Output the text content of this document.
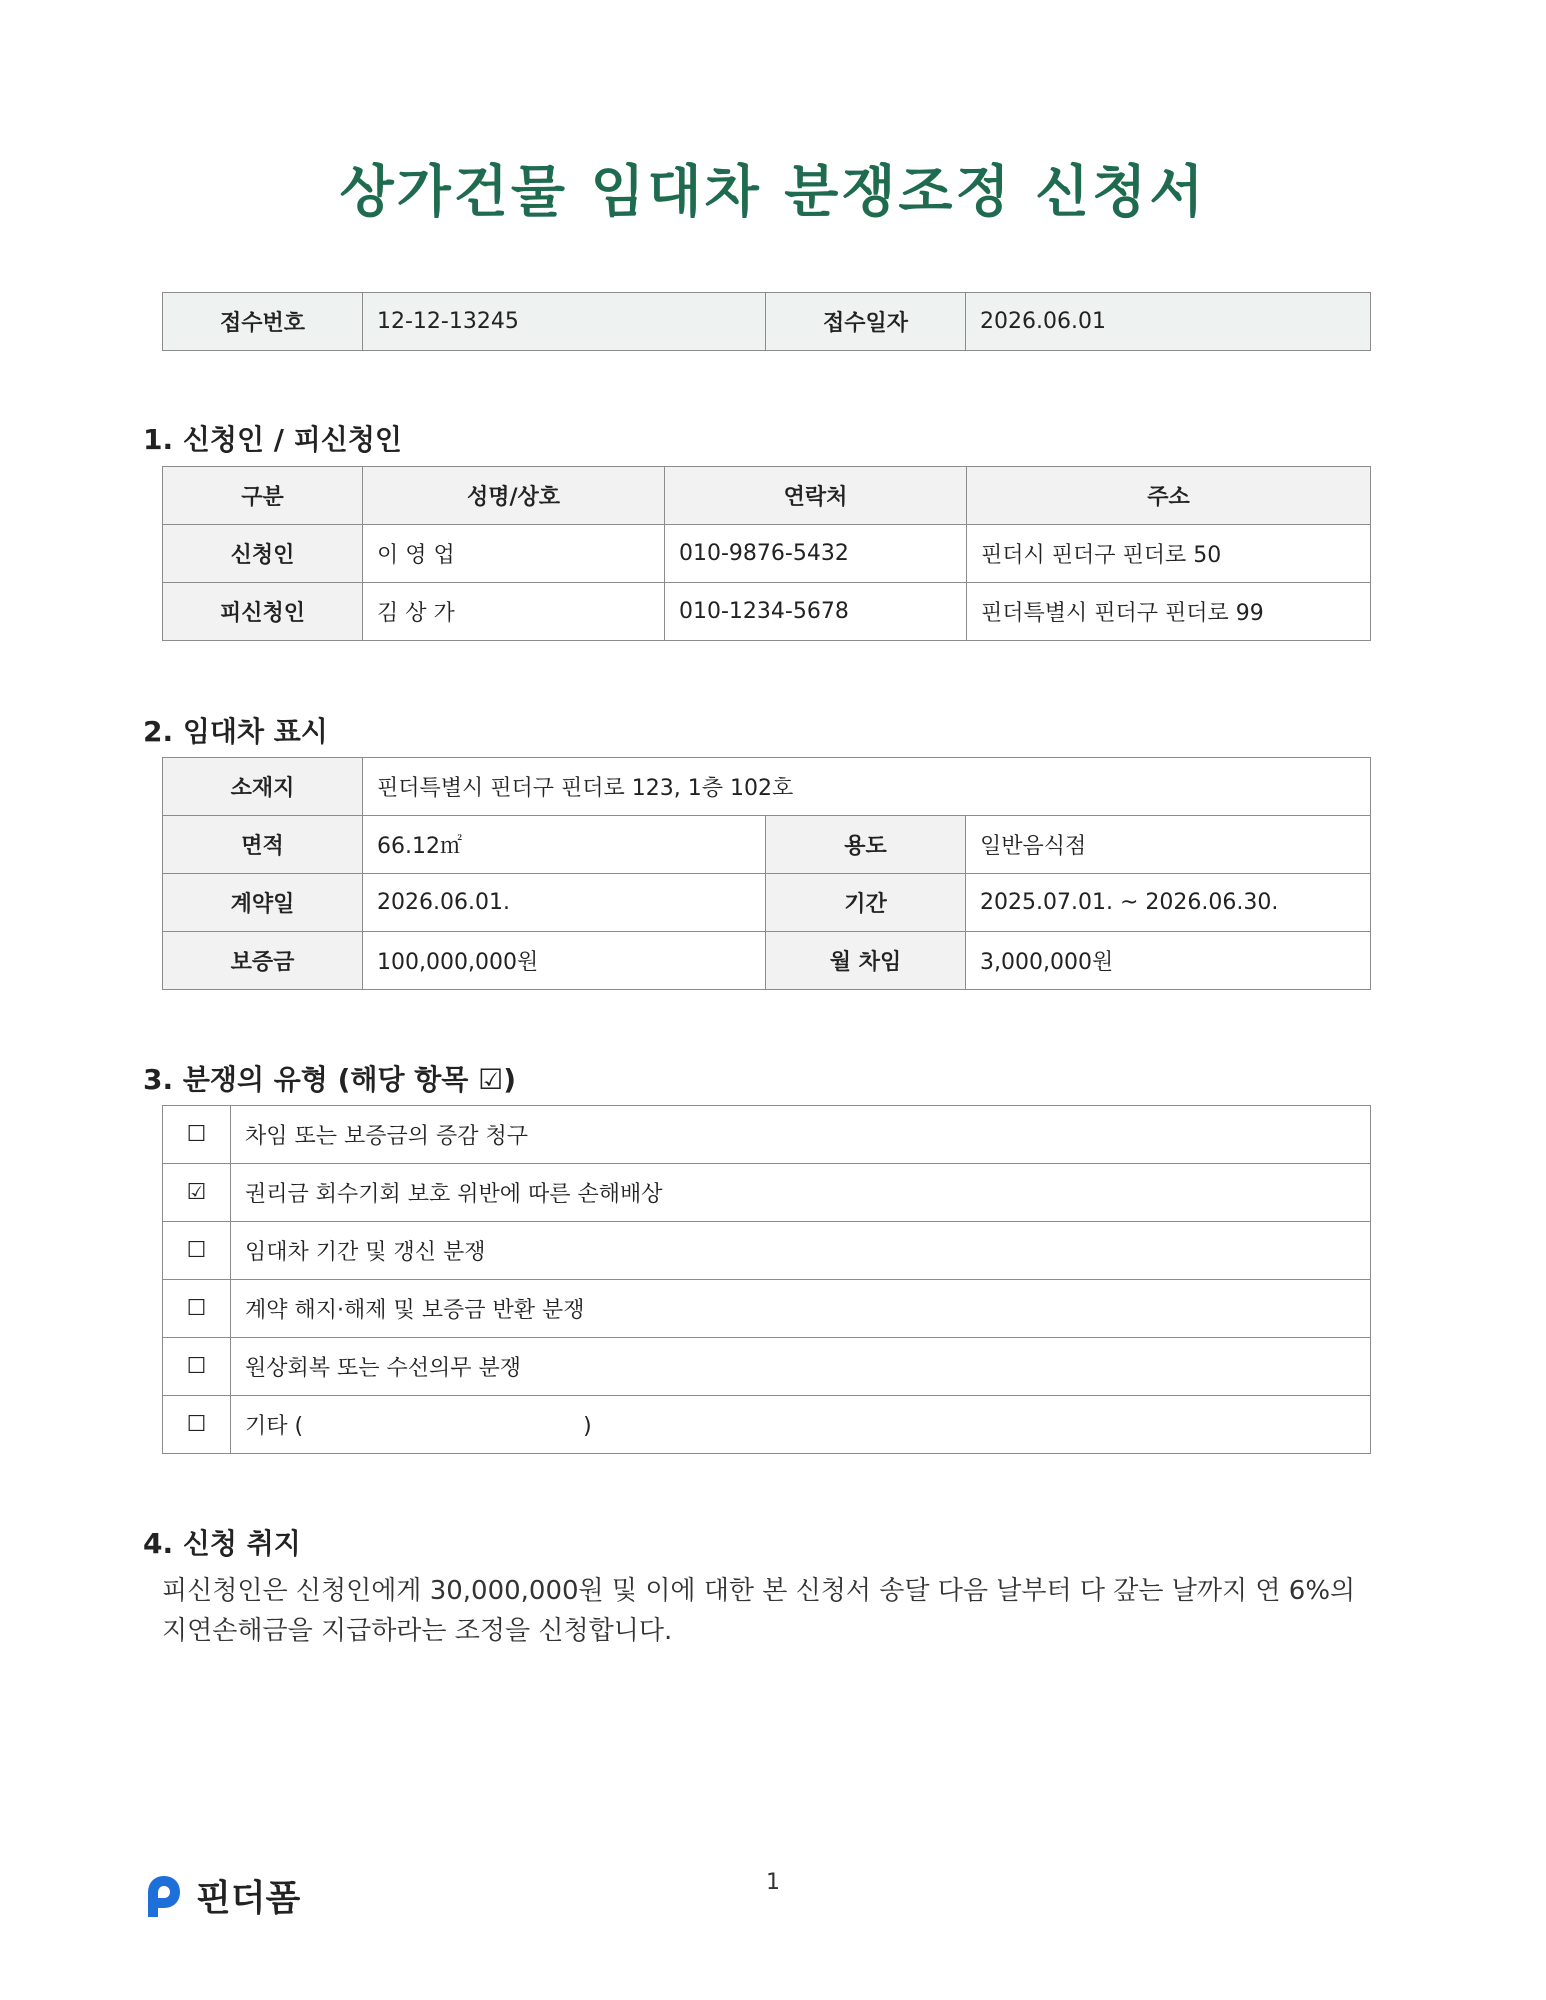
상가건물 임대차 분쟁조정 신청서
접수번호	12-12-13245	접수일자	2026.06.01
1. 신청인 / 피신청인
구분	성명/상호	연락처	주소
신청인	이 영 업	010-9876-5432	핀더시 핀더구 핀더로 50
피신청인	김 상 가	010-1234-5678	핀더특별시 핀더구 핀더로 99
2. 임대차 표시
소재지	핀더특별시 핀더구 핀더로 123, 1층 102호		
면적	66.12㎡	용도	일반음식점
계약일	2026.06.01.	기간	2025.07.01. ~ 2026.06.30.
보증금	100,000,000원	월 차임	3,000,000원
3. 분쟁의 유형 (해당 항목 ☑)
☐	차임 또는 보증금의 증감 청구
☑	권리금 회수기회 보호 위반에 따른 손해배상
☐	임대차 기간 및 갱신 분쟁
☐	계약 해지·해제 및 보증금 반환 분쟁
☐	원상회복 또는 수선의무 분쟁
☐	기타 ( )
4. 신청 취지
피신청인은 신청인에게 30,000,000원 및 이에 대한 본 신청서 송달 다음 날부터 다 갚는 날까지 연 6%의
지연손해금을 지급하라는 조정을 신청합니다.
핀더폼	1
